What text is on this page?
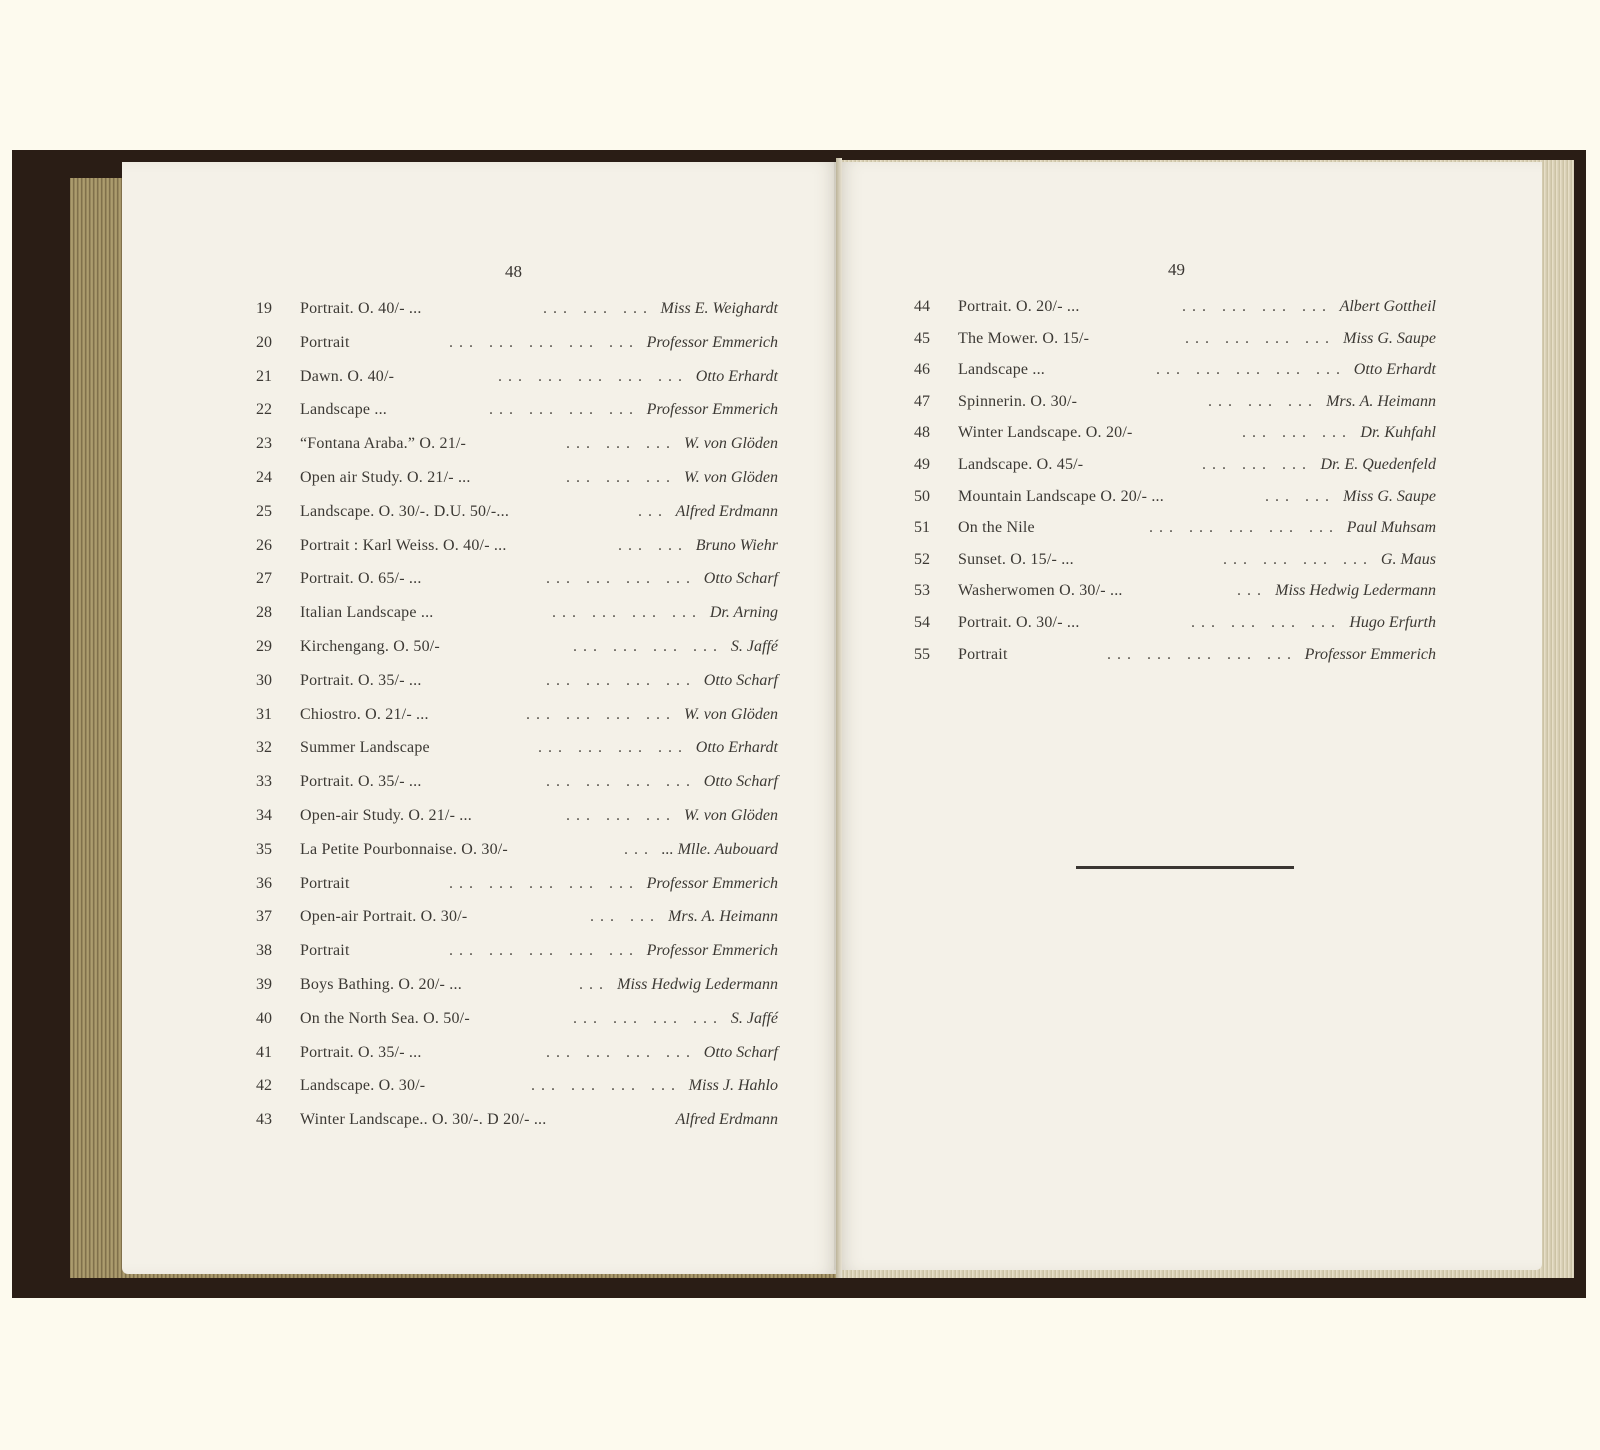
48	49
19	Portrait. O. 40/- ...	... ... ... Miss E. Weighardt
20	Portrait	... ... ... ... ... Professor Emmerich
21	Dawn. O. 40/-	... ... ... ... ... Otto Erhardt
22	Landscape ...	... ... ... ... Professor Emmerich
23	“Fontana Araba.” O. 21/-	... ... ... W. von Glöden
24	Open air Study. O. 21/- ...	... ... ... W. von Glöden
25	Landscape. O. 30/-. D.U. 50/-...	... Alfred Erdmann
26	Portrait : Karl Weiss. O. 40/- ...	... ... Bruno Wiehr
27	Portrait. O. 65/- ...	... ... ... ... Otto Scharf
28	Italian Landscape ...	... ... ... ... Dr. Arning
29	Kirchengang. O. 50/-	... ... ... ... S. Jaffé
30	Portrait. O. 35/- ...	... ... ... ... Otto Scharf
31	Chiostro. O. 21/- ...	... ... ... ... W. von Glöden
32	Summer Landscape	... ... ... ... Otto Erhardt
33	Portrait. O. 35/- ...	... ... ... ... Otto Scharf
34	Open-air Study. O. 21/- ...	... ... ... W. von Glöden
35	La Petite Pourbonnaise. O. 30/-	... ... Mlle. Aubouard
36	Portrait	... ... ... ... ... Professor Emmerich
37	Open-air Portrait. O. 30/-	... ... Mrs. A. Heimann
38	Portrait	... ... ... ... ... Professor Emmerich
39	Boys Bathing. O. 20/- ...	... Miss Hedwig Ledermann
40	On the North Sea. O. 50/-	... ... ... ... S. Jaffé
41	Portrait. O. 35/- ...	... ... ... ... Otto Scharf
42	Landscape. O. 30/-	... ... ... ... Miss J. Hahlo
43	Winter Landscape.. O. 30/-. D 20/- ...	Alfred Erdmann
44	Portrait. O. 20/- ...	... ... ... ... Albert Gottheil
45	The Mower. O. 15/-	... ... ... ... Miss G. Saupe
46	Landscape ...	... ... ... ... ... Otto Erhardt
47	Spinnerin. O. 30/-	... ... ... Mrs. A. Heimann
48	Winter Landscape. O. 20/-	... ... ... Dr. Kuhfahl
49	Landscape. O. 45/-	... ... ... Dr. E. Quedenfeld
50	Mountain Landscape O. 20/- ...	... ... Miss G. Saupe
51	On the Nile	... ... ... ... ... Paul Muhsam
52	Sunset. O. 15/- ...	... ... ... ... G. Maus
53	Washerwomen O. 30/- ...	... Miss Hedwig Ledermann
54	Portrait. O. 30/- ...	... ... ... ... Hugo Erfurth
55	Portrait	... ... ... ... ... Professor Emmerich
